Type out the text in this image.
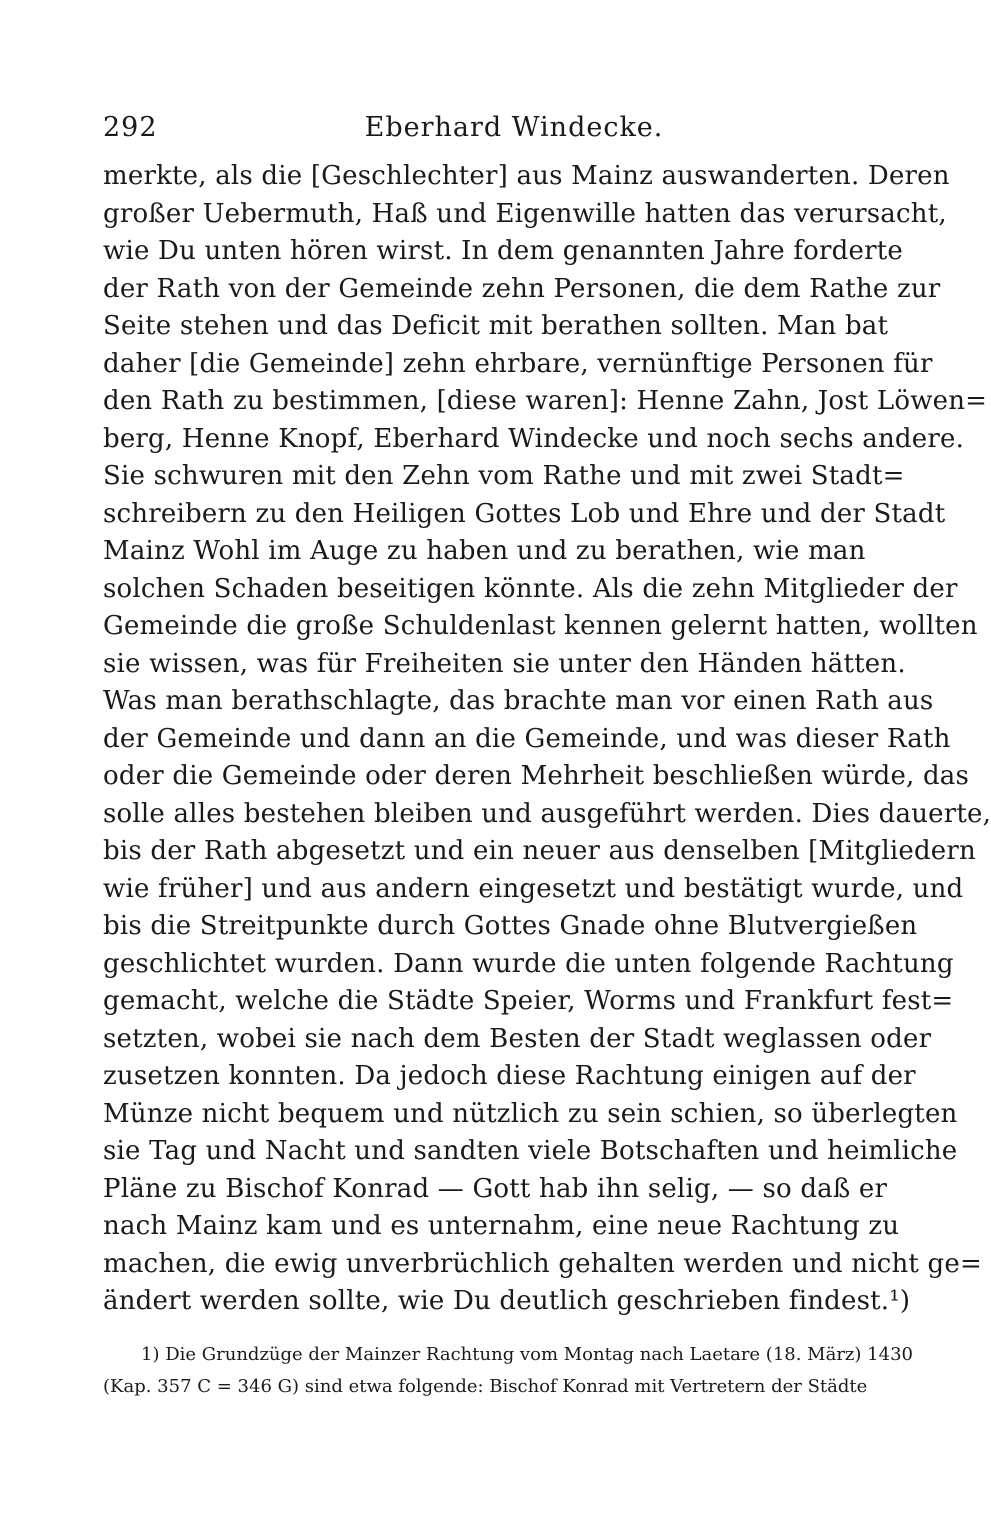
292	Eberhard Windecke.
merkte, als die [Geschlechter] aus Mainz auswanderten. Deren
großer Uebermuth, Haß und Eigenwille hatten das verursacht,
wie Du unten hören wirst. In dem genannten Jahre forderte
der Rath von der Gemeinde zehn Personen, die dem Rathe zur
Seite stehen und das Deficit mit berathen sollten. Man bat
daher [die Gemeinde] zehn ehrbare, vernünftige Personen für
den Rath zu bestimmen, [diese waren]: Henne Zahn, Jost Löwen=
berg, Henne Knopf, Eberhard Windecke und noch sechs andere.
Sie schwuren mit den Zehn vom Rathe und mit zwei Stadt=
schreibern zu den Heiligen Gottes Lob und Ehre und der Stadt
Mainz Wohl im Auge zu haben und zu berathen, wie man
solchen Schaden beseitigen könnte. Als die zehn Mitglieder der
Gemeinde die große Schuldenlast kennen gelernt hatten, wollten
sie wissen, was für Freiheiten sie unter den Händen hätten.
Was man berathschlagte, das brachte man vor einen Rath aus
der Gemeinde und dann an die Gemeinde, und was dieser Rath
oder die Gemeinde oder deren Mehrheit beschließen würde, das
solle alles bestehen bleiben und ausgeführt werden. Dies dauerte,
bis der Rath abgesetzt und ein neuer aus denselben [Mitgliedern
wie früher] und aus andern eingesetzt und bestätigt wurde, und
bis die Streitpunkte durch Gottes Gnade ohne Blutvergießen
geschlichtet wurden. Dann wurde die unten folgende Rachtung
gemacht, welche die Städte Speier, Worms und Frankfurt fest=
setzten, wobei sie nach dem Besten der Stadt weglassen oder
zusetzen konnten. Da jedoch diese Rachtung einigen auf der
Münze nicht bequem und nützlich zu sein schien, so überlegten
sie Tag und Nacht und sandten viele Botschaften und heimliche
Pläne zu Bischof Konrad — Gott hab ihn selig, — so daß er
nach Mainz kam und es unternahm, eine neue Rachtung zu
machen, die ewig unverbrüchlich gehalten werden und nicht ge=
ändert werden sollte, wie Du deutlich geschrieben findest.¹)
1) Die Grundzüge der Mainzer Rachtung vom Montag nach Laetare (18. März) 1430
(Kap. 357 C = 346 G) sind etwa folgende: Bischof Konrad mit Vertretern der Städte
